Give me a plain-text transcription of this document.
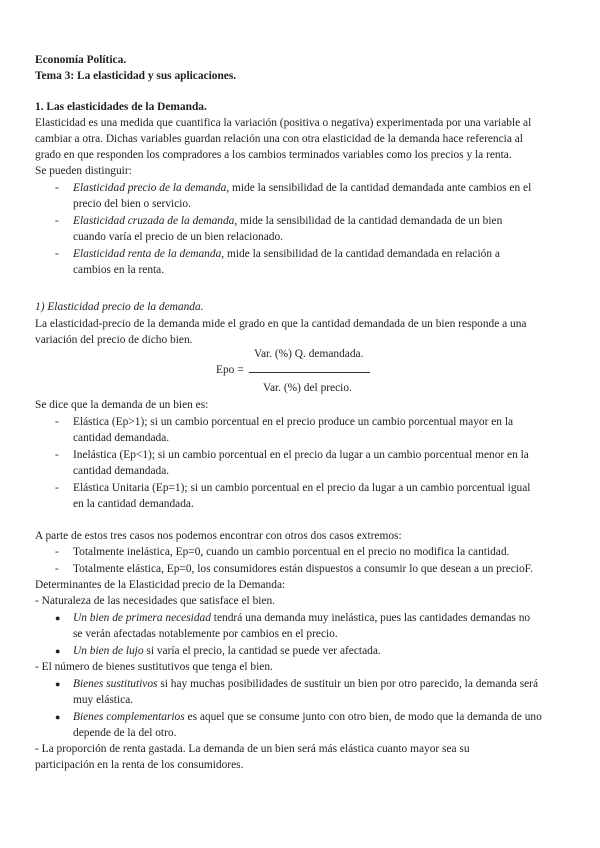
Economía Política.
Tema 3: La elasticidad y sus aplicaciones.
1. Las elasticidades de la Demanda.
Elasticidad es una medida que cuantifica la variación (positiva o negativa) experimentada por una variable al
cambiar a otra. Dichas variables guardan relación una con otra elasticidad de la demanda hace referencia al
grado en que responden los compradores a los cambios terminados variables como los precios y la renta.
Se pueden distinguir:
- Elasticidad precio de la demanda, mide la sensibilidad de la cantidad demandada ante cambios en el
precio del bien o servicio.
- Elasticidad cruzada de la demanda, mide la sensibilidad de la cantidad demandada de un bien
cuando varía el precio de un bien relacionado.
- Elasticidad renta de la demanda, mide la sensibilidad de la cantidad demandada en relación a
cambios en la renta.
1) Elasticidad precio de la demanda.
La elasticidad-precio de la demanda mide el grado en que la cantidad demandada de un bien responde a una
variación del precio de dicho bien.
Epo =
Var. (%) Q. demandada.
Var. (%) del precio.
Se dice que la demanda de un bien es:
- Elástica (Ep>1); si un cambio porcentual en el precio produce un cambio porcentual mayor en la
cantidad demandada.
- Inelástica (Ep<1); si un cambio porcentual en el precio da lugar a un cambio porcentual menor en la
cantidad demandada.
- Elástica Unitaria (Ep=1); si un cambio porcentual en el precio da lugar a un cambio porcentual igual
en la cantidad demandada.
A parte de estos tres casos nos podemos encontrar con otros dos casos extremos:
- Totalmente inelástica, Ep=0, cuando un cambio porcentual en el precio no modifica la cantidad.
- Totalmente elástica, Ep=0, los consumidores están dispuestos a consumir lo que desean a un precioF.
Determinantes de la Elasticidad precio de la Demanda:
- Naturaleza de las necesidades que satisface el bien.
● Un bien de primera necesidad tendrá una demanda muy inelástica, pues las cantidades demandas no
se verán afectadas notablemente por cambios en el precio.
● Un bien de lujo si varía el precio, la cantidad se puede ver afectada.
- El número de bienes sustitutivos que tenga el bien.
● Bienes sustitutivos si hay muchas posibilidades de sustituir un bien por otro parecido, la demanda será
muy elástica.
● Bienes complementarios es aquel que se consume junto con otro bien, de modo que la demanda de uno
depende de la del otro.
- La proporción de renta gastada. La demanda de un bien será más elástica cuanto mayor sea su
participación en la renta de los consumidores.
